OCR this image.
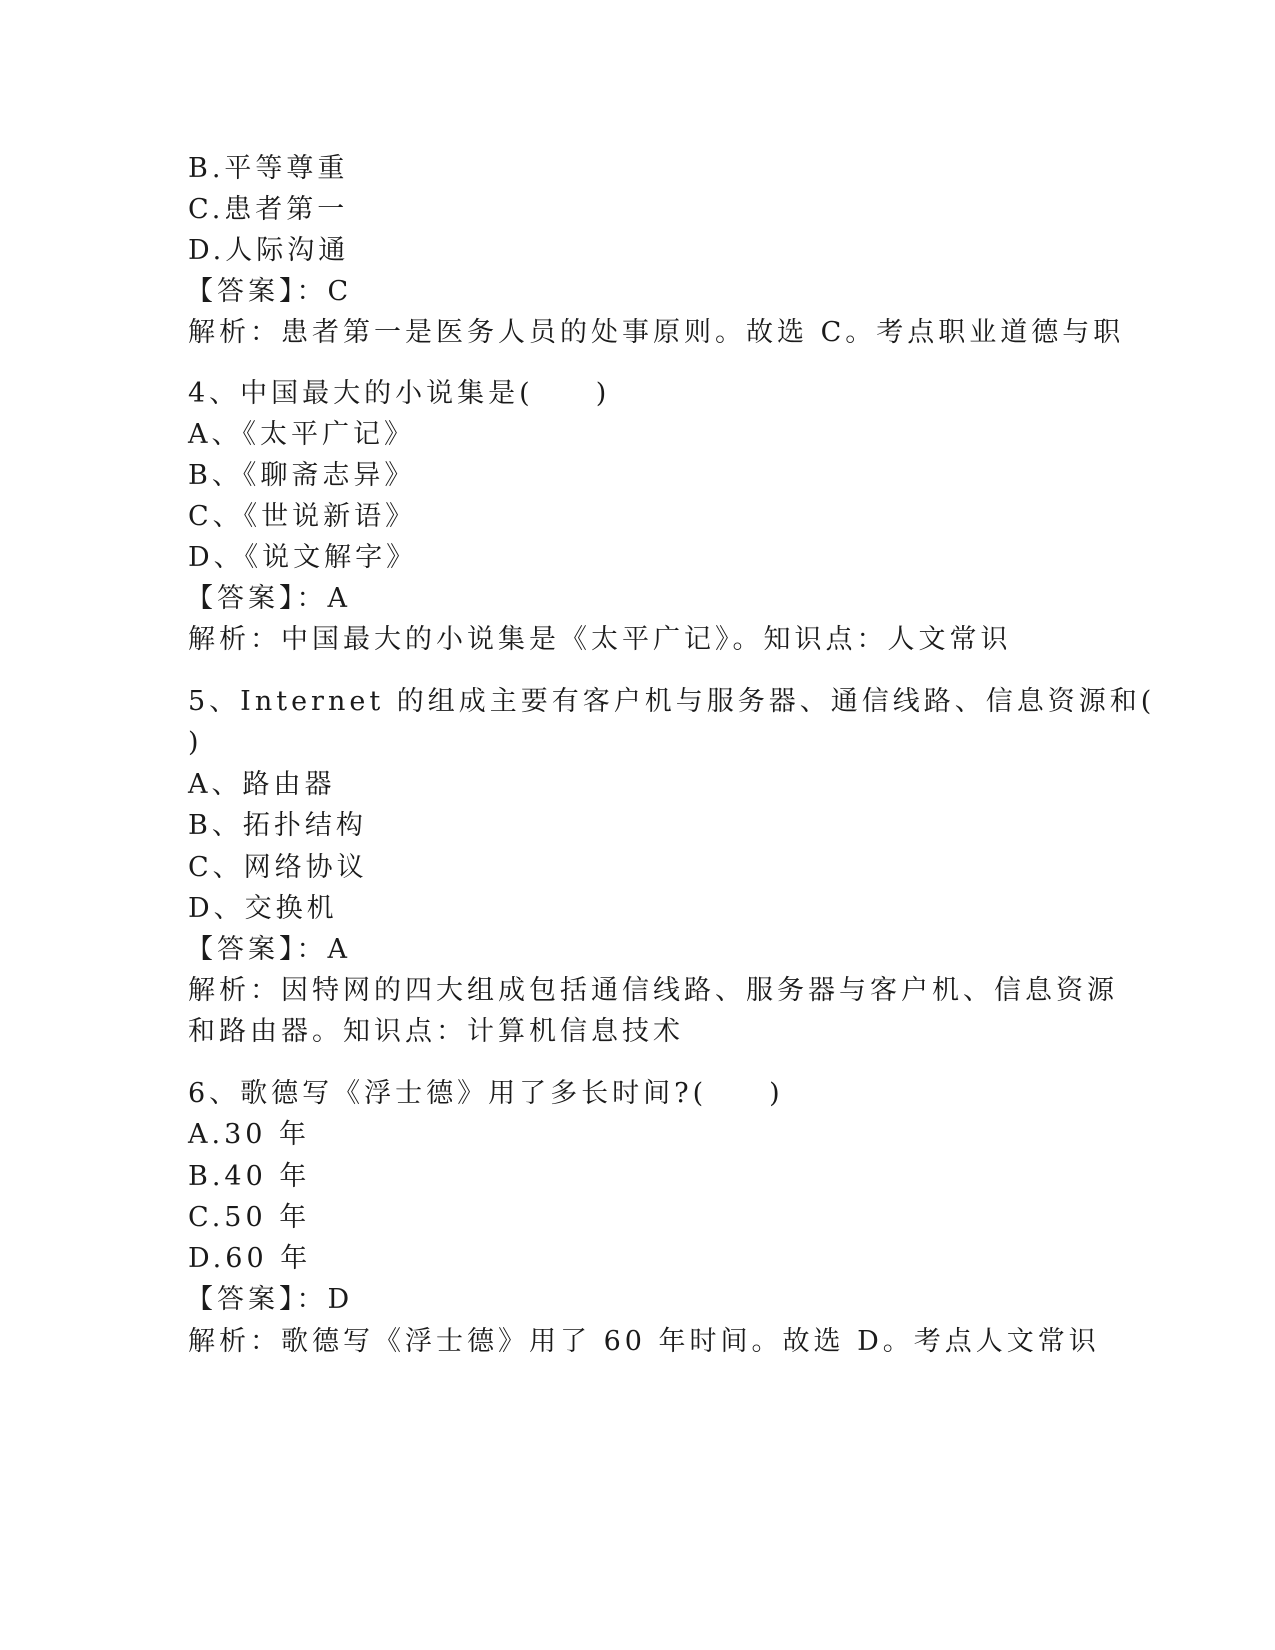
B.平等尊重
C.患者第一
D.人际沟通
【答案】：C
解析：患者第一是医务人员的处事原则。故选 C。考点职业道德与职
4、中国最大的小说集是(　　)
A、《太平广记》
B、《聊斋志异》
C、《世说新语》
D、《说文解字》
【答案】：A
解析：中国最大的小说集是《太平广记》。知识点：人文常识
5、Internet 的组成主要有客户机与服务器、通信线路、信息资源和(
)
A、路由器
B、拓扑结构
C、网络协议
D、交换机
【答案】：A
解析：因特网的四大组成包括通信线路、服务器与客户机、信息资源
和路由器。知识点：计算机信息技术
6、歌德写《浮士德》用了多长时间?(　　)
A.30 年
B.40 年
C.50 年
D.60 年
【答案】：D
解析：歌德写《浮士德》用了 60 年时间。故选 D。考点人文常识
